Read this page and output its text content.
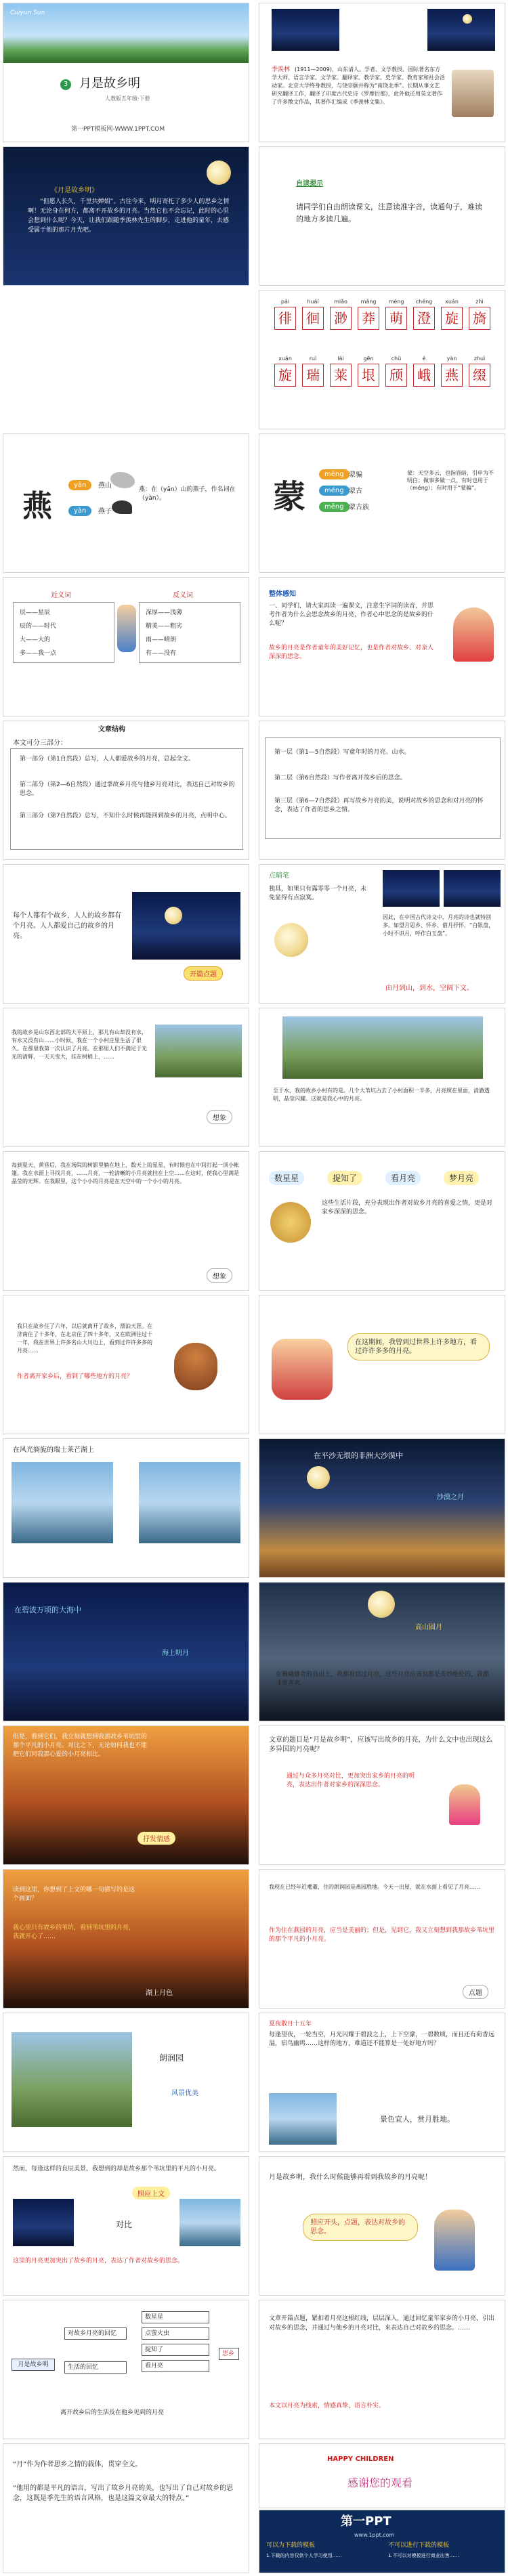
Cuiyun Sun
3 月是故乡明
人教版五年级·下册
第一PPT模板网-WWW.1PPT.COM
季羡林 (1911—2009)，山东清人。学者、文学教授、国际著名东方学大师、语言学家、文学家。翻译家、教学家、史学家、教育家和社会活动家。北京大学终身教授，与饶宗颐并称为“南饶北季”。长期从事文艺研究翻译工作，翻译了印度古代史诗《罗摩衍那》，此外他还用英文著作了许多散文作品，其著作汇编成《季羡林文集》。
《月是故乡明》
“但愿人长久，千里共婵娟”。古往今来，明月寄托了多少人的思乡之情啊！无论身在何方，都离不开故乡的月亮。当然它也不会忘记，此时的心里会想到什么呢？今天，让我们跟随季羡林先生的脚步，走进他的童年，去感受属于他的那片月光吧。
自读提示
请同学们自由朗读课文，注意读准字音，读通句子，难读的地方多读几遍。
pái
徘
huái
徊
miǎo
渺
mǎng
莽
méng
萌
chéng
澄
xuán
旋
zhì
旖
xuán
旋
ruì
瑞
lái
莱
gēn
垠
chù
颀
é
峨
yàn
燕
zhuì
缀
燕
yān	燕山
yàn	燕子
燕：在（yān）山的燕子，作名词在（yàn）。	蒙
mēng 蒙骗
méng 蒙古
měng 蒙古族
蒙：天空多云，也指昏暗，引申为不明白；做事多做一点、有时也用于（méng）；有时用于“蒙骗”。
近义词	反义词
辰——星辰
辰的——时代
大——大的
多——我一点
深厚——浅薄
精美——粗劣
雨——晴朗
有——没有
整体感知
一、同学们，请大家再读一遍课文，注意生字词的读音，并思考作者为什么会思念故乡的月亮，作者心中思念的是故乡的什么呢？
故乡的月亮是作者童年的美好记忆，也是作者对故乡、对亲人深深的思念。
文章结构
本文可分三部分：
第一部分（第1自然段）总写，人人都爱故乡的月亮，总起全文。
第二部分（第2—6自然段）通过拿故乡月亮与他乡月亮对比，表达自己对故乡的思念。
第三部分（第7自然段）总写，不知什么时候再能回到故乡的月亮，点明中心。
第一层（第1—5自然段）写童年时的月亮。山水。
第二层（第6自然段）写作者离开故乡后的思念。
第三层（第6—7自然段）再写故乡月亮的美，说明对故乡的思念和对月亮的怀念，表达了作者的思乡之情。
每个人都有个故乡，人人的故乡都有个月亮。人人都爱自己的故乡的月亮。
开篇点题
点睛笔
独具，如果只有露零零一个月亮，未免显得有点寂寞。
因此，在中国古代诗文中，月亮的诗也就特别多。如望月思乡、怀乡、借月抒怀，“白银盘，小时不识月，呼作白玉盘”。
由月到山，到水，空阔下文。
我的故乡是山东西北部的大平原上，那儿有山却没有水，有水又没有山……小时候，我在一个小村庄里生活了很久。在那里我第一次认识了月亮。在那里人们不满足于光光的清辉，一天天变大，挂在树梢上，……
想象
至于水，我的故乡小村有的是。几个大苇坑占去了小村面积一半多，月亮照在里面，清澈透明，晶莹闪耀。这就是我心中的月亮。
每到夏天，黄昏后，我在场院的树影里躺在地上，数天上的星星，有时候也在中间打起一顶小帐篷。我在水面上寻找月亮，……月亮，一轮清晰的小月亮就挂在上空……在这时，使我心里满是晶莹的光辉。在我眼里，这个小小的月亮是在天空中的一个小小的月亮。
想象
数星星	捉知了	看月亮	梦月亮
这些生活片段，充分表现出作者对故乡月亮的喜爱之情，更是对家乡深深的思念。
我只在故乡住了六年，以后就离开了故乡，漂泊天涯。在济南住了十多年，在北京住了四十多年，又在欧洲住过十一年，我在世界上许多名山大川边上，看到过许许多多的月亮……
作者离开家乡后，看到了哪些地方的月亮？
在这期间，我曾到过世界上许多地方，看过许许多多的月亮。
在风光旖旎的瑞士莱芒湖上
在平沙无垠的非洲大沙漠中
沙漠之月
在碧波万顷的大海中
海上明月
高山圆月
在巍峨雄奇的高山上，我都看到过月亮，这些月亮应该说都是美妙绝伦的，我都非常喜欢。
但是，看到它们，我立刻就想到我那故乡苇坑里的那个平凡的小月亮。对比之下，无论如何我也不能把它们同我那心爱的小月亮相比。
抒发情感
文章的题目是“月是故乡明”，应该写出故乡的月亮，为什么文中也出现这么多异国的月亮呢？
通过与众多月亮对比，更加突出家乡的月亮的明亮，表达出作者对家乡的深深思念。
读到这里，你想到了上文的哪一句描写的是这个画面？
我心里只有故乡的苇坑，看到苇坑里的月亮，我就开心了……
湖上月色
我现在已经年近耄耋，住的朗润园是燕园胜地。今天一出屋，就在水面上看见了月亮……
作为住在燕园的月亮，应当是美丽的；但是，见到它，我又立刻想到我那故乡苇坑里的那个平凡的小月亮。
点题
朗润园
风景优美
夏夜散月十五年
每逢望夜，一轮当空，月光闪耀于碧波之上，上下空濛，一碧数顷，而且还有荷香远溢，宿鸟幽鸣……这样的地方，难道还不能算是一处好地方吗？
景色宜人，赏月胜地。
然而，每逢这样的良辰美景，我想到的却是故乡那个苇坑里的平凡的小月亮。
照应上文
对比
这里的月亮更加突出了故乡的月亮，表达了作者对故乡的思念。
月是故乡明，我什么时候能够再看到我故乡的月亮呢！
照应开头，点题，表达对故乡的思念。
月是故乡明
对故乡月亮的回忆
生活的回忆
数星星
点萤火虫
捉知了
看月亮
思乡
离开故乡后的生活及在他乡见到的月亮
文章开篇点题，紧扣着月亮这根红线，层层深入，通过回忆童年家乡的小月亮，引出对故乡的思念，并通过与他乡的月亮对比，来表达自己对故乡的思念。……
本文以月亮为线索，情感真挚，语言朴实。
“月”作为作者思乡之情的载体，贯穿全文。
“他用的都是平凡的语言，写出了故乡月亮的美，也写出了自己对故乡的思念，这既是季先生的语言风格，也是这篇文章最大的特点。”
HAPPY CHILDREN
感谢您的观看
第一PPT
www.1ppt.com
可以为下载的模板	不可以进行下载的模板
1.下载的内容仅供个人学习使用……	1.不可以对模板进行商业出售……
